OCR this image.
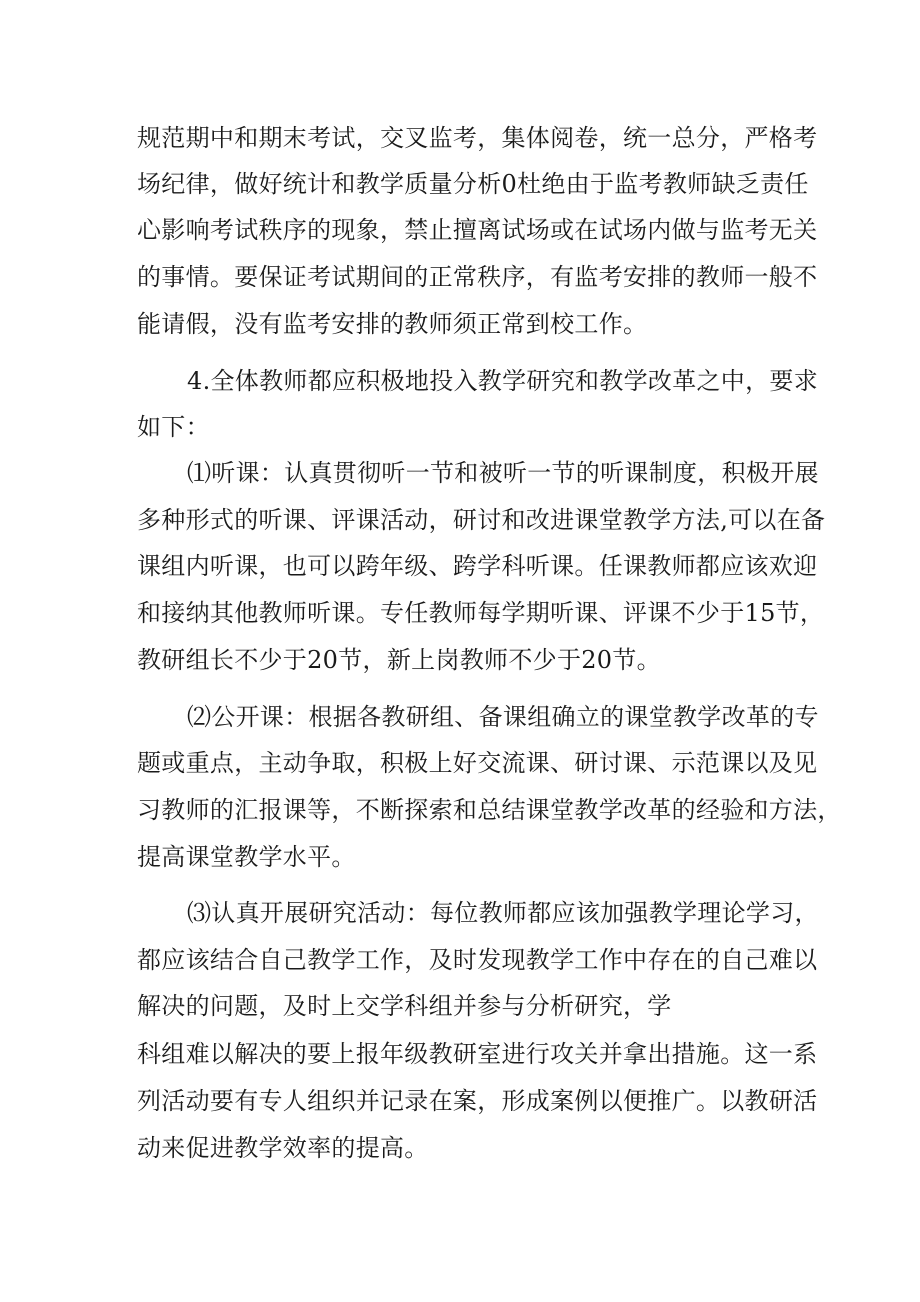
规范期中和期末考试，交叉监考，集体阅卷，统一总分，严格考
场纪律，做好统计和教学质量分析0杜绝由于监考教师缺乏责任
心影响考试秩序的现象，禁止擅离试场或在试场内做与监考无关
的事情。要保证考试期间的正常秩序，有监考安排的教师一般不
能请假，没有监考安排的教师须正常到校工作。
4.全体教师都应积极地投入教学研究和教学改革之中，要求
如下：
⑴听课：认真贯彻听一节和被听一节的听课制度，积极开展
多种形式的听课、评课活动，研讨和改进课堂教学方法,可以在备
课组内听课，也可以跨年级、跨学科听课。任课教师都应该欢迎
和接纳其他教师听课。专任教师每学期听课、评课不少于15节，
教研组长不少于20节，新上岗教师不少于20节。
⑵公开课：根据各教研组、备课组确立的课堂教学改革的专
题或重点，主动争取，积极上好交流课、研讨课、示范课以及见
习教师的汇报课等，不断探索和总结课堂教学改革的经验和方法，
提高课堂教学水平。
⑶认真开展研究活动：每位教师都应该加强教学理论学习，
都应该结合自己教学工作，及时发现教学工作中存在的自己难以
解决的问题，及时上交学科组并参与分析研究，学
科组难以解决的要上报年级教研室进行攻关并拿出措施。这一系
列活动要有专人组织并记录在案，形成案例以便推广。以教研活
动来促进教学效率的提高。
